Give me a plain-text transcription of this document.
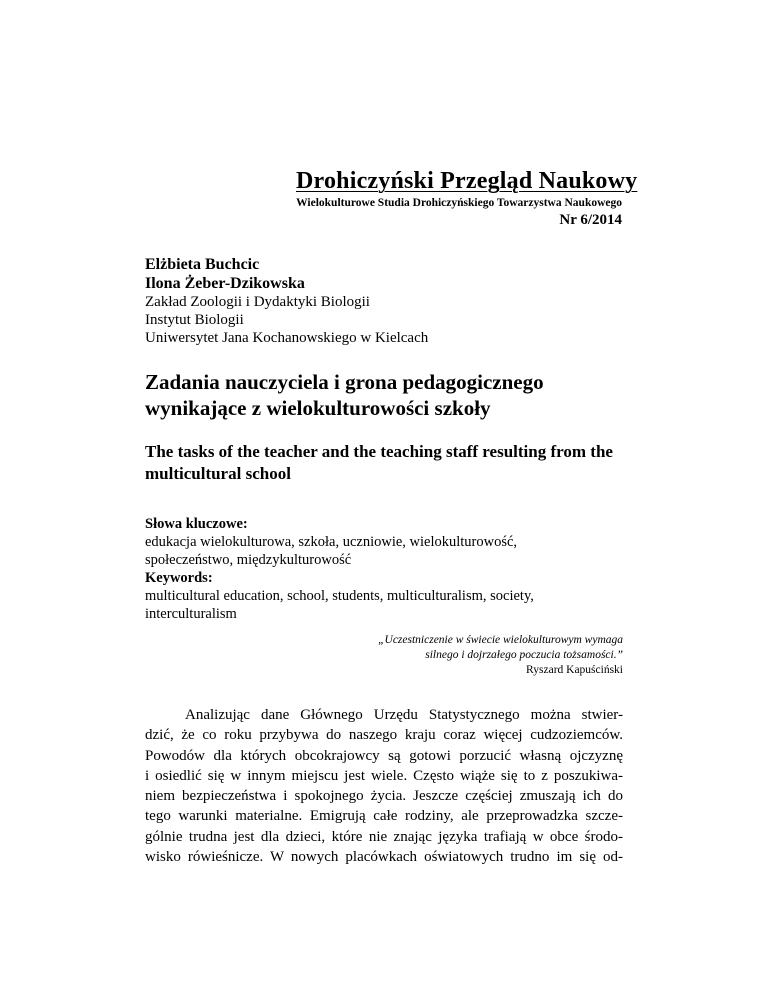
Drohiczyński Przegląd Naukowy
Wielokulturowe Studia Drohiczyńskiego Towarzystwa Naukowego
Nr 6/2014
Elżbieta Buchcic
Ilona Żeber-Dzikowska
Zakład Zoologii i Dydaktyki Biologii
Instytut Biologii
Uniwersytet Jana Kochanowskiego w Kielcach
Zadania nauczyciela i grona pedagogicznego wynikające z wielokulturowości szkoły
The tasks of the teacher and the teaching staff resulting from the multicultural school
Słowa kluczowe:
edukacja wielokulturowa, szkoła, uczniowie, wielokulturowość,
społeczeństwo, międzykulturowość
Keywords:
multicultural education, school, students, multiculturalism, society,
interculturalism
„Uczestniczenie w świecie wielokulturowym wymaga
silnego i dojrzałego poczucia tożsamości.”
Ryszard Kapuściński
Analizując dane Głównego Urzędu Statystycznego można stwier-
dzić, że co roku przybywa do naszego kraju coraz więcej cudzoziemców.
Powodów dla których obcokrajowcy są gotowi porzucić własną ojczyznę
i osiedlić się w innym miejscu jest wiele. Często wiąże się to z poszukiwa-
niem bezpieczeństwa i spokojnego życia. Jeszcze częściej zmuszają ich do
tego warunki materialne. Emigrują całe rodziny, ale przeprowadzka szcze-
gólnie trudna jest dla dzieci, które nie znając języka trafiają w obce środo-
wisko rówieśnicze. W nowych placówkach oświatowych trudno im się od-
